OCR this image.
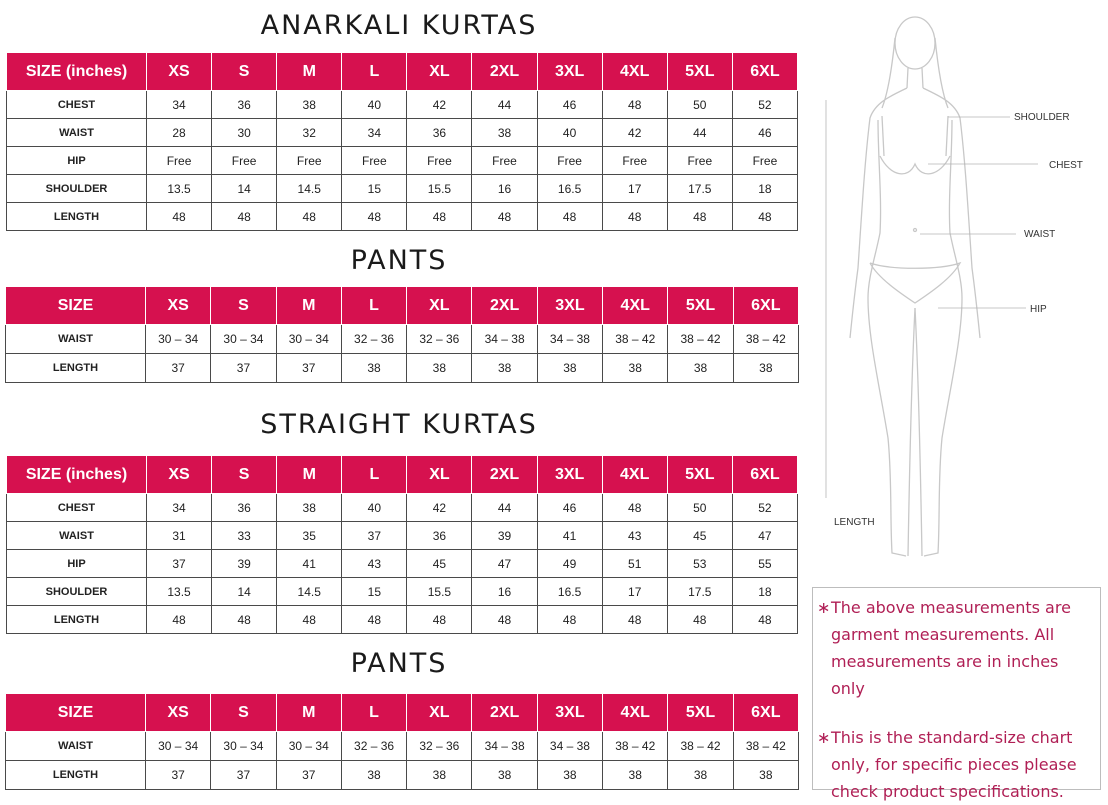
ANARKALI KURTAS
SIZE (inches)	XS	S	M	L	XL	2XL	3XL	4XL	5XL	6XL
CHEST	34	36	38	40	42	44	46	48	50	52
WAIST	28	30	32	34	36	38	40	42	44	46
HIP	Free	Free	Free	Free	Free	Free	Free	Free	Free	Free
SHOULDER	13.5	14	14.5	15	15.5	16	16.5	17	17.5	18
LENGTH	48	48	48	48	48	48	48	48	48	48
PANTS
SIZE	XS	S	M	L	XL	2XL	3XL	4XL	5XL	6XL
WAIST	30 – 34	30 – 34	30 – 34	32 – 36	32 – 36	34 – 38	34 – 38	38 – 42	38 – 42	38 – 42
LENGTH	37	37	37	38	38	38	38	38	38	38
STRAIGHT KURTAS
SIZE (inches)	XS	S	M	L	XL	2XL	3XL	4XL	5XL	6XL
CHEST	34	36	38	40	42	44	46	48	50	52
WAIST	31	33	35	37	36	39	41	43	45	47
HIP	37	39	41	43	45	47	49	51	53	55
SHOULDER	13.5	14	14.5	15	15.5	16	16.5	17	17.5	18
LENGTH	48	48	48	48	48	48	48	48	48	48
PANTS
SIZE	XS	S	M	L	XL	2XL	3XL	4XL	5XL	6XL
WAIST	30 – 34	30 – 34	30 – 34	32 – 36	32 – 36	34 – 38	34 – 38	38 – 42	38 – 42	38 – 42
LENGTH	37	37	37	38	38	38	38	38	38	38
SHOULDER
CHEST
WAIST
HIP
LENGTH
∗ The above measurements are garment measurements. All measurements are in inches only
∗ This is the standard-size chart only, for specific pieces please check product specifications.
